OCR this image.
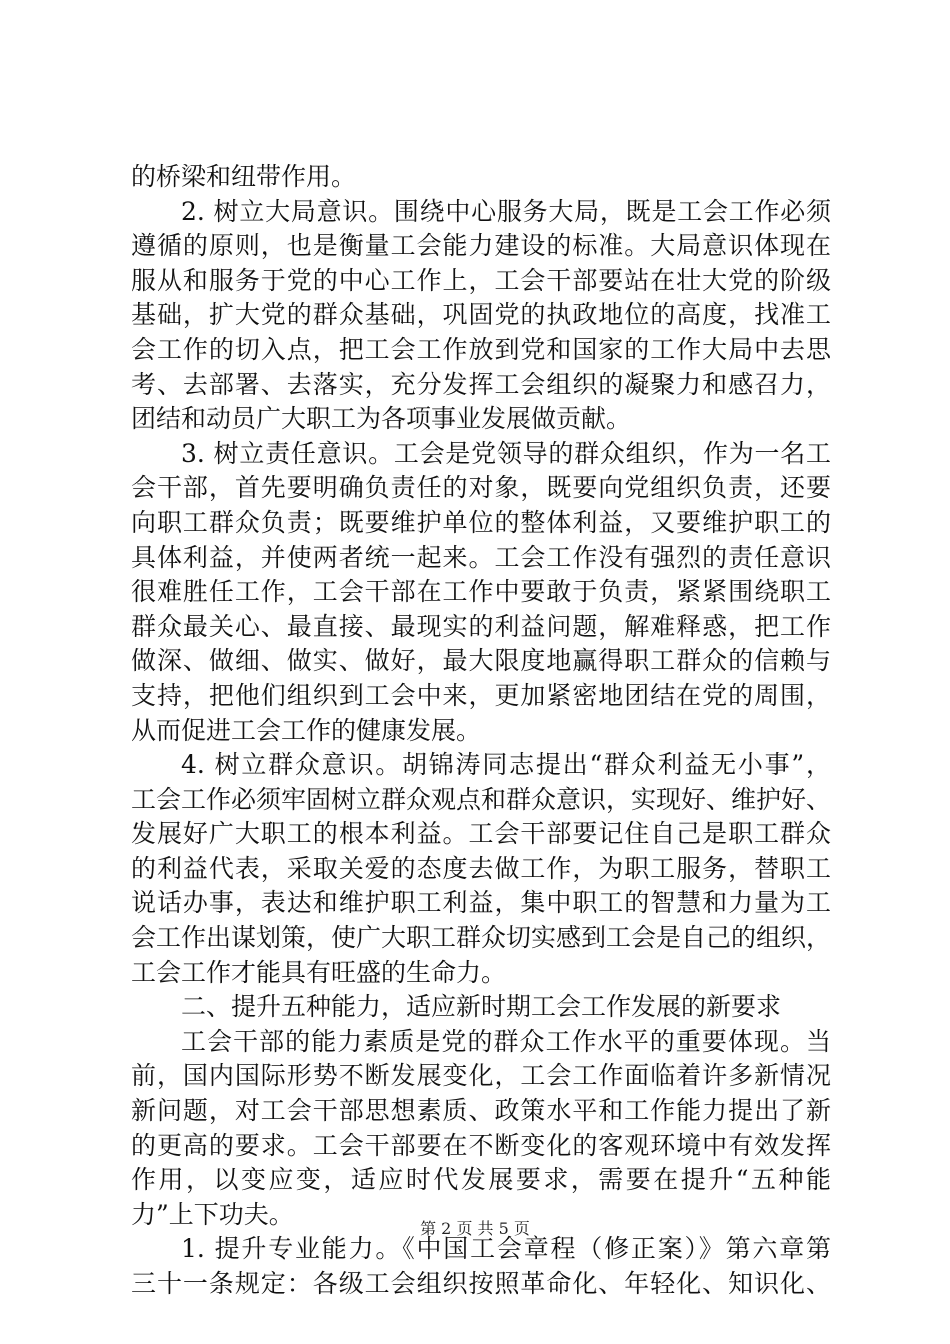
的桥梁和纽带作用。
2. 树立大局意识。围绕中心服务大局，既是工会工作必须
遵循的原则，也是衡量工会能力建设的标准。大局意识体现在
服从和服务于党的中心工作上，工会干部要站在壮大党的阶级
基础，扩大党的群众基础，巩固党的执政地位的高度，找准工
会工作的切入点，把工会工作放到党和国家的工作大局中去思
考、去部署、去落实，充分发挥工会组织的凝聚力和感召力，
团结和动员广大职工为各项事业发展做贡献。
3. 树立责任意识。工会是党领导的群众组织，作为一名工
会干部，首先要明确负责任的对象，既要向党组织负责，还要
向职工群众负责；既要维护单位的整体利益，又要维护职工的
具体利益，并使两者统一起来。工会工作没有强烈的责任意识
很难胜任工作，工会干部在工作中要敢于负责，紧紧围绕职工
群众最关心、最直接、最现实的利益问题，解难释惑，把工作
做深、做细、做实、做好，最大限度地赢得职工群众的信赖与
支持，把他们组织到工会中来，更加紧密地团结在党的周围，
从而促进工会工作的健康发展。
4. 树立群众意识。胡锦涛同志提出“群众利益无小事”，
工会工作必须牢固树立群众观点和群众意识，实现好、维护好、
发展好广大职工的根本利益。工会干部要记住自己是职工群众
的利益代表，采取关爱的态度去做工作，为职工服务，替职工
说话办事，表达和维护职工利益，集中职工的智慧和力量为工
会工作出谋划策，使广大职工群众切实感到工会是自己的组织，
工会工作才能具有旺盛的生命力。
二、提升五种能力，适应新时期工会工作发展的新要求
工会干部的能力素质是党的群众工作水平的重要体现。当
前，国内国际形势不断发展变化，工会工作面临着许多新情况
新问题，对工会干部思想素质、政策水平和工作能力提出了新
的更高的要求。工会干部要在不断变化的客观环境中有效发挥
作用，以变应变，适应时代发展要求，需要在提升“五种能
力”上下功夫。
1. 提升专业能力。《中国工会章程（修正案）》第六章第
三十一条规定：各级工会组织按照革命化、年轻化、知识化、
第 2 页 共 5 页
